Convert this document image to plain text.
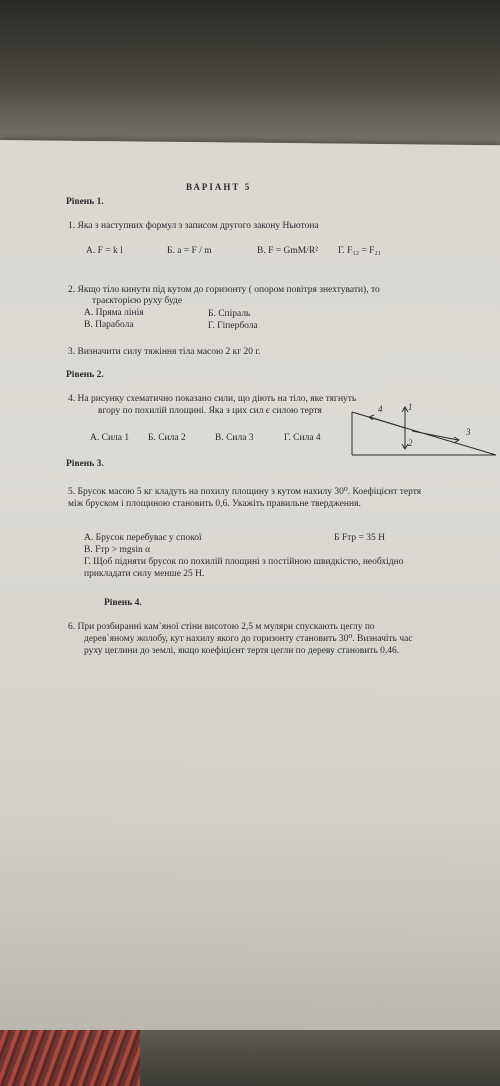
ВАРІАНТ 5
Рівень 1.
1. Яка з наступних формул з записом другого закону Ньютона
А. F = k l	Б. a = F / m	В. F = GmM/R² Г. F₁₂ = F₂₁
2. Якщо тіло кинути під кутом до горизонту ( опором повітря знехтувати), то
траєкторією руху буде
А. Пряма лінія	Б. Спіраль
В. Парабола	Г. Гіпербола
3. Визначити силу тяжіння тіла масою 2 кг 20 г.
Рівень 2.
4. На рисунку схематично показано сили, що діють на тіло, яке тягнуть
вгору по похилій площині. Яка з цих сил є силою тертя
А. Сила 1 Б. Сила 2	В. Сила 3	Г. Сила 4
4	1
2
3
Рівень 3.
5. Брусок масою 5 кг кладуть на похилу площину з кутом нахилу 30⁰. Коефіцієнт тертя
між бруском і площиною становить 0,6. Укажіть правильне твердження.
А. Брусок перебуває у спокої	Б Fтр = 35 Н
В. Fтр > mgsin α
Г. Щоб підняти брусок по похилій площині з постійною швидкістю, необхідно
прикладати силу менше 25 Н.
Рівень 4.
6. При розбиранні кам`яної стіни висотою 2,5 м муляри спускають цеглу по
дерев`яному жолобу, кут нахилу якого до горизонту становить 30⁰. Визначіть час
руху цеглини до землі, якщо коефіцієнт тертя цегли по дереву становить 0,46.
